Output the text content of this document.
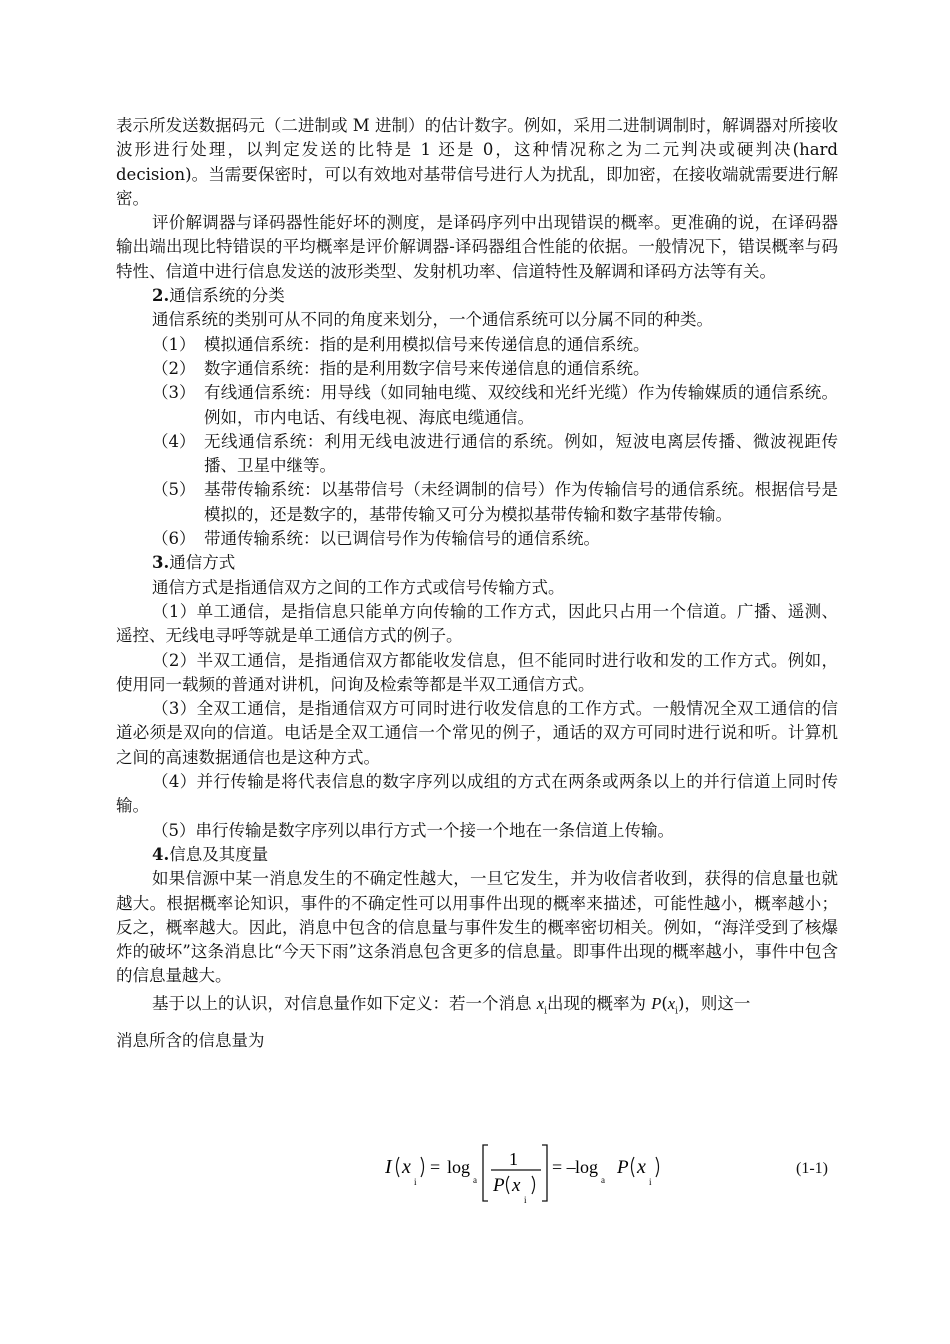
表示所发送数据码元（二进制或 M 进制）的估计数字。例如，采用二进制调制时，解调器对所接收波形进行处理，以判定发送的比特是 1 还是 0，这种情况称之为二元判决或硬判决(hard decision)。当需要保密时，可以有效地对基带信号进行人为扰乱，即加密，在接收端就需要进行解密。

评价解调器与译码器性能好坏的测度，是译码序列中出现错误的概率。更准确的说，在译码器输出端出现比特错误的平均概率是评价解调器-译码器组合性能的依据。一般情况下，错误概率与码特性、信道中进行信息发送的波形类型、发射机功率、信道特性及解调和译码方法等有关。

2.通信系统的分类

通信系统的类别可从不同的角度来划分，一个通信系统可以分属不同的种类。

（1） 模拟通信系统：指的是利用模拟信号来传递信息的通信系统。
（2） 数字通信系统：指的是利用数字信号来传递信息的通信系统。
（3） 有线通信系统：用导线（如同轴电缆、双绞线和光纤光缆）作为传输媒质的通信系统。例如，市内电话、有线电视、海底电缆通信。
（4） 无线通信系统：利用无线电波进行通信的系统。例如，短波电离层传播、微波视距传播、卫星中继等。
（5） 基带传输系统：以基带信号（未经调制的信号）作为传输信号的通信系统。根据信号是模拟的，还是数字的，基带传输又可分为模拟基带传输和数字基带传输。
（6） 带通传输系统：以已调信号作为传输信号的通信系统。

3.通信方式

通信方式是指通信双方之间的工作方式或信号传输方式。

（1）单工通信，是指信息只能单方向传输的工作方式，因此只占用一个信道。广播、遥测、遥控、无线电寻呼等就是单工通信方式的例子。

（2）半双工通信，是指通信双方都能收发信息，但不能同时进行收和发的工作方式。例如，使用同一载频的普通对讲机，问询及检索等都是半双工通信方式。

（3）全双工通信，是指通信双方可同时进行收发信息的工作方式。一般情况全双工通信的信道必须是双向的信道。电话是全双工通信一个常见的例子，通话的双方可同时进行说和听。计算机之间的高速数据通信也是这种方式。

（4）并行传输是将代表信息的数字序列以成组的方式在两条或两条以上的并行信道上同时传输。

（5）串行传输是数字序列以串行方式一个接一个地在一条信道上传输。

4.信息及其度量

如果信源中某一消息发生的不确定性越大，一旦它发生，并为收信者收到，获得的信息量也就越大。根据概率论知识，事件的不确定性可以用事件出现的概率来描述，可能性越小，概率越小；反之，概率越大。因此，消息中包含的信息量与事件发生的概率密切相关。例如，“海洋受到了核爆炸的破坏”这条消息比“今天下雨”这条消息包含更多的信息量。即事件出现的概率越小，事件中包含的信息量越大。

基于以上的认识，对信息量作如下定义：若一个消息 $x_i$出现的概率为 $P(x_i)$，则这一

消息所含的信息量为

I x
i
= log
a
1
P x
i
= – log
a
P x
i
(1-1)
